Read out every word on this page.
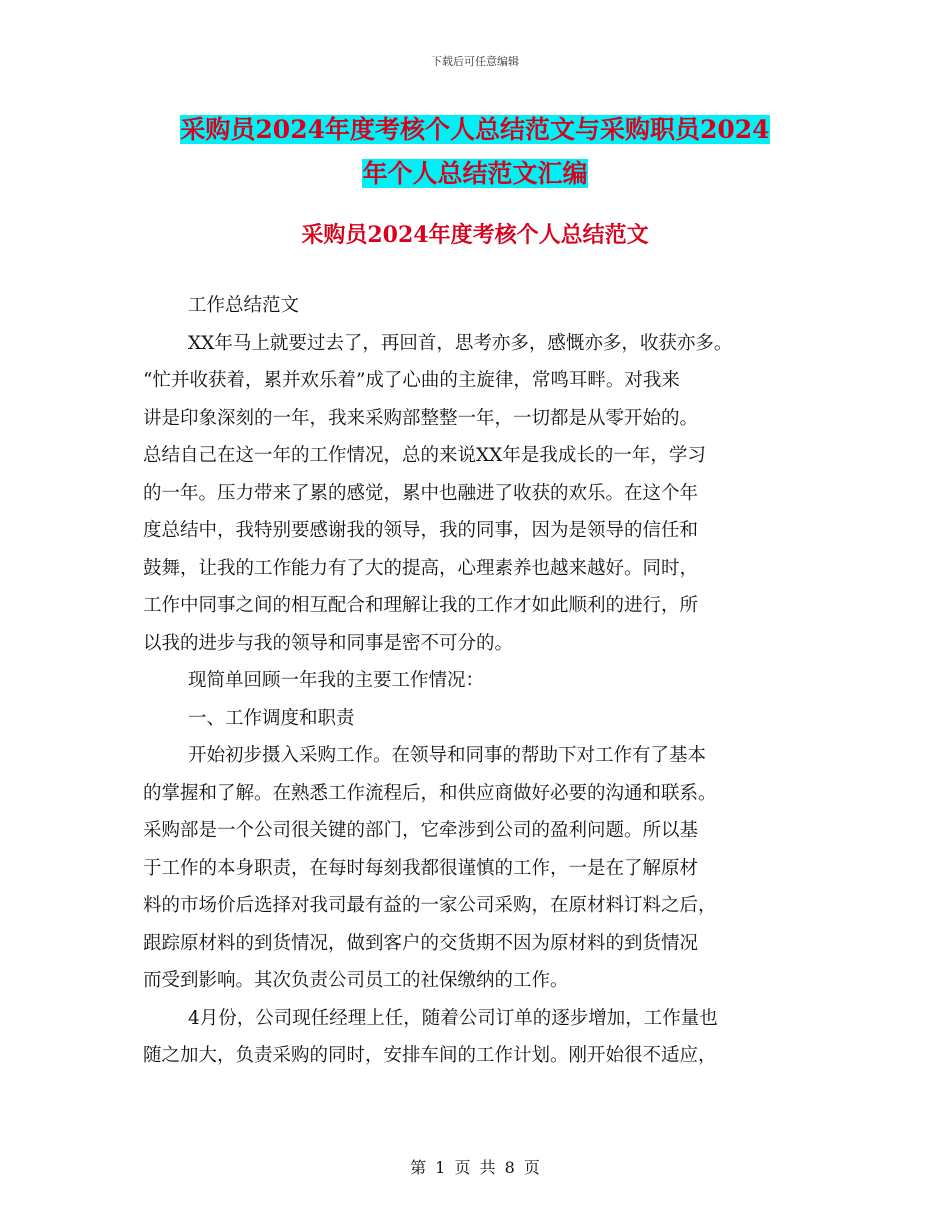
下载后可任意编辑
采购员2024年度考核个人总结范文与采购职员2024
年个人总结范文汇编
采购员2024年度考核个人总结范文
工作总结范文
XX年马上就要过去了，再回首，思考亦多，感慨亦多，收获亦多。
“忙并收获着，累并欢乐着”成了心曲的主旋律，常鸣耳畔。对我来
讲是印象深刻的一年，我来采购部整整一年，一切都是从零开始的。
总结自己在这一年的工作情况，总的来说XX年是我成长的一年，学习
的一年。压力带来了累的感觉，累中也融进了收获的欢乐。在这个年
度总结中，我特别要感谢我的领导，我的同事，因为是领导的信任和
鼓舞，让我的工作能力有了大的提高，心理素养也越来越好。同时，
工作中同事之间的相互配合和理解让我的工作才如此顺利的进行，所
以我的进步与我的领导和同事是密不可分的。
现简单回顾一年我的主要工作情况：
一、工作调度和职责
开始初步摄入采购工作。在领导和同事的帮助下对工作有了基本
的掌握和了解。在熟悉工作流程后，和供应商做好必要的沟通和联系。
采购部是一个公司很关键的部门，它牵涉到公司的盈利问题。所以基
于工作的本身职责，在每时每刻我都很谨慎的工作，一是在了解原材
料的市场价后选择对我司最有益的一家公司采购，在原材料订料之后，
跟踪原材料的到货情况，做到客户的交货期不因为原材料的到货情况
而受到影响。其次负责公司员工的社保缴纳的工作。
4月份，公司现任经理上任，随着公司订单的逐步增加，工作量也
随之加大，负责采购的同时，安排车间的工作计划。刚开始很不适应，
第 1 页 共 8 页
